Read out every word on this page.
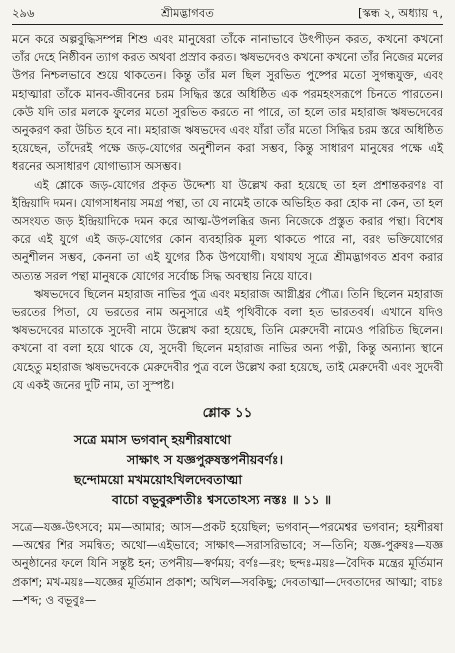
২৯৬	শ্রীমদ্ভাগবত	[স্কন্ধ ২, অধ্যায় ৭,

মনে করে অল্পবুদ্ধিসম্পন্ন শিশু এবং মানুষেরা তাঁকে নানাভাবে উৎপীড়ন করত, কখনো কখনো তাঁর দেহে নিষ্ঠীবন ত্যাগ করত অথবা প্রস্রাব করত। ঋষভদেবও কখনো কখনো তাঁর নিজের মলের উপর নিশ্চলভাবে শুয়ে থাকতেন। কিন্তু তাঁর মল ছিল সুরভিত পুষ্পের মতো সুগন্ধযুক্ত, এবং মহাত্মারা তাঁকে মানব-জীবনের চরম সিদ্ধির স্তরে অধিষ্ঠিত এক পরমহংসরূপে চিনতে পারতেন। কেউ যদি তার মলকে ফুলের মতো সুরভিত করতে না পারে, তা হলে তার মহারাজ ঋষভদেবের অনুকরণ করা উচিত হবে না। মহারাজ ঋষভদেব এবং যাঁরা তাঁর মতো সিদ্ধির চরম স্তরে অধিষ্ঠিত হয়েছেন, তাঁদেরই পক্ষে জড়-যোগের অনুশীলন করা সম্ভব, কিন্তু সাধারণ মানুষের পক্ষে এই ধরনের অসাধারণ যোগাভ্যাস অসম্ভব।

এই শ্লোকে জড়-যোগের প্রকৃত উদ্দেশ্য যা উল্লেখ করা হয়েছে তা হল প্রশান্তকরণঃ বা ইন্দ্রিয়াদি দমন। যোগসাধনায় সমগ্র পন্থা, তা যে নামেই তাকে অভিহিত করা হোক না কেন, তা হল অসংযত জড় ইন্দ্রিয়াদিকে দমন করে আত্ম-উপলব্ধির জন্য নিজেকে প্রস্তুত করার পন্থা। বিশেষ করে এই যুগে এই জড়-যোগের কোন ব্যবহারিক মূল্য থাকতে পারে না, বরং ভক্তিযোগের অনুশীলন সম্ভব, কেননা তা এই যুগের ঠিক উপযোগী। যথাযথ সূত্রে শ্রীমদ্ভাগবত শ্রবণ করার অত্যন্ত সরল পন্থা মানুষকে যোগের সর্বোচ্চ সিদ্ধ অবস্থায় নিয়ে যাবে।

ঋষভদেবে ছিলেন মহারাজ নাভির পুত্র এবং মহারাজ আগ্নীধ্রর পৌত্র। তিনি ছিলেন মহারাজ ভরতের পিতা, যে ভরতের নাম অনুসারে এই পৃথিবীকে বলা হত ভারতবর্ষ। এখানে যদিও ঋষভদেবের মাতাকে সুদেবী নামে উল্লেখ করা হয়েছে, তিনি মেরুদেবী নামেও পরিচিত ছিলেন। কখনো বা বলা হয়ে থাকে যে, সুদেবী ছিলেন মহারাজ নাভির অন্য পত্নী, কিন্তু অন্যান্য স্থানে যেহেতু মহারাজ ঋষভদেবকে মেরুদেবীর পুত্র বলে উল্লেখ করা হয়েছে, তাই মেরুদেবী এবং সুদেবী যে একই জনের দুটি নাম, তা সুস্পষ্ট।

শ্লোক ১১
সত্রে মমাস ভগবান্ হয়শীরষাথো
সাক্ষাৎ স যজ্ঞপুরুষস্তপনীয়বর্ণঃ।
ছন্দোময়ো মখময়োঽখিলদেবতাত্মা
বাচো বভূবুরুশতীঃ শ্বসতোঽস্য নস্তঃ ॥ ১১ ॥
সত্রে—যজ্ঞ-উৎসবে; মম—আমার; আস—প্রকট হয়েছিল; ভগবান্—পরমেশ্বর ভগবান; হয়শীরষা—অশ্বের শির সমন্বিত; অথো—এইভাবে; সাক্ষাৎ—সরাসরিভাবে; স—তিনি; যজ্ঞ-পুরুষঃ—যজ্ঞ অনুষ্ঠানের ফলে যিনি সন্তুষ্ট হন; তপনীয়—স্বর্ণময়; বর্ণঃ—রং; ছন্দঃ-ময়ঃ—বৈদিক মন্ত্রের মূর্তিমান প্রকাশ; মখ-ময়ঃ—যজ্ঞের মূর্তিমান প্রকাশ; অখিল—সবকিছু; দেবতাত্মা—দেবতাদের আত্মা; বাচঃ—শব্দ; ও বভূবুঃ—
